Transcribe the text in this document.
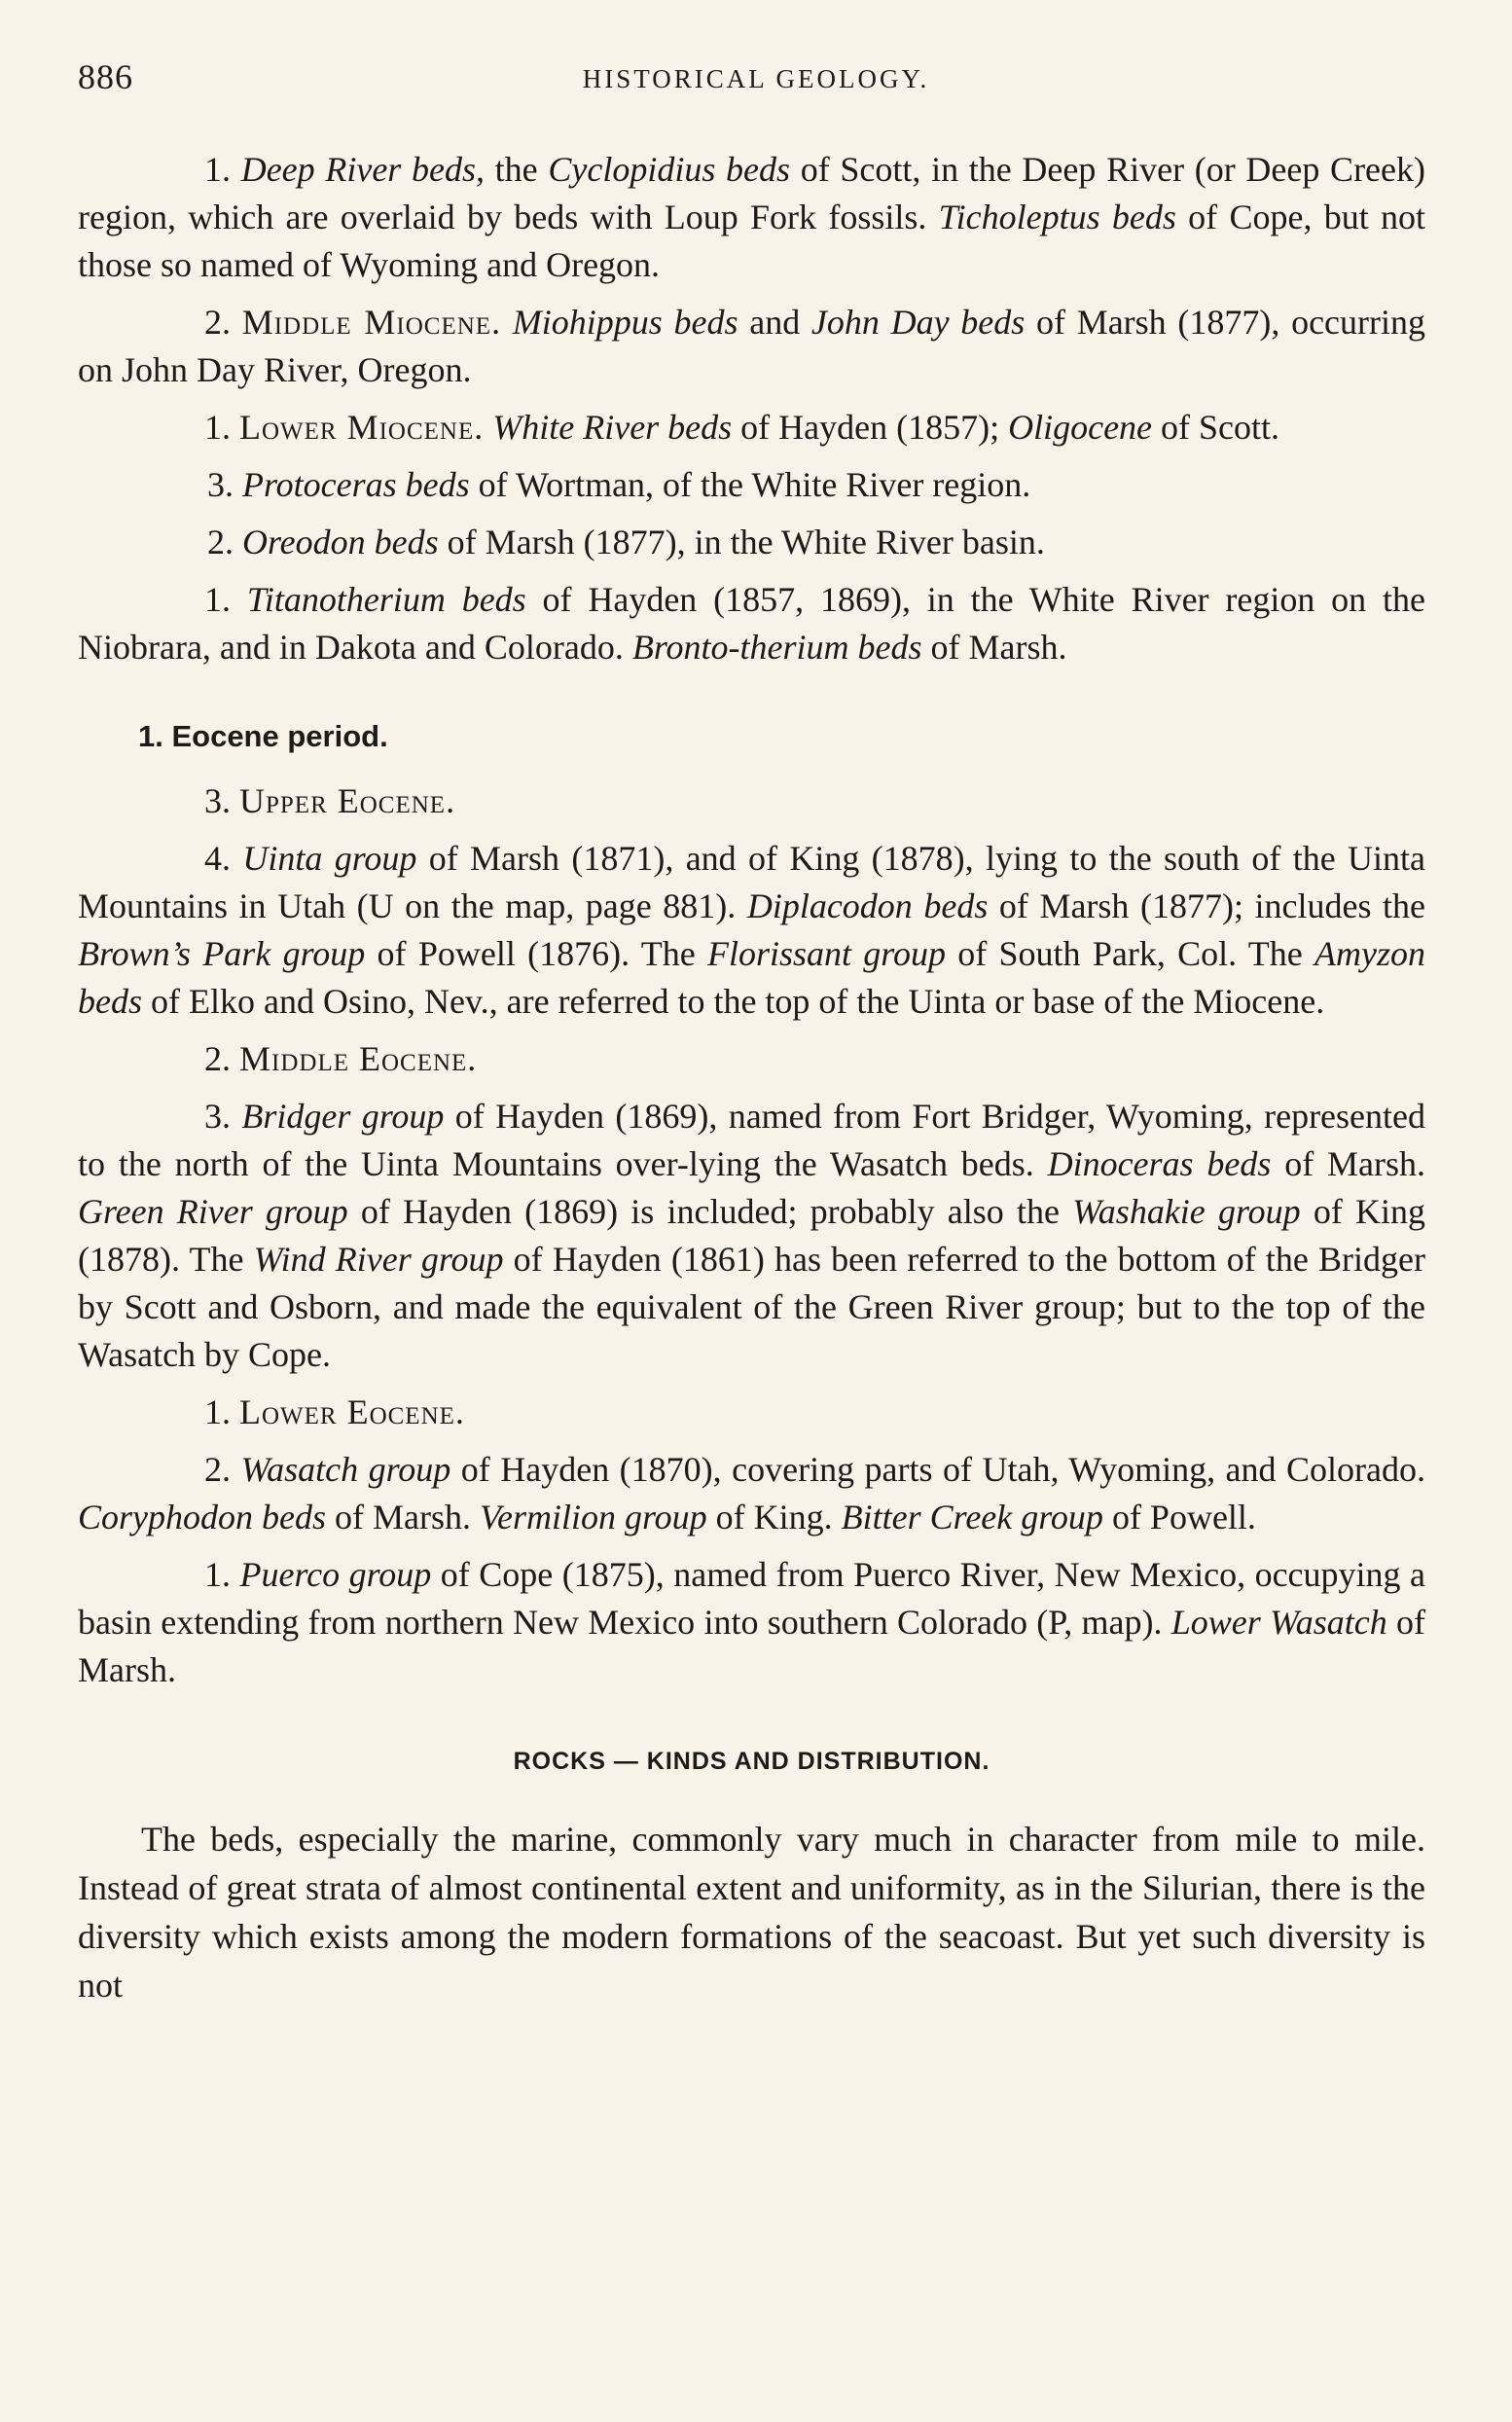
886	HISTORICAL GEOLOGY.

1. Deep River beds, the Cyclopidius beds of Scott, in the Deep River (or Deep Creek) region, which are overlaid by beds with Loup Fork fossils. Ticholeptus beds of Cope, but not those so named of Wyoming and Oregon.

2. Middle Miocene. Miohippus beds and John Day beds of Marsh (1877), occurring on John Day River, Oregon.

1. Lower Miocene. White River beds of Hayden (1857); Oligocene of Scott.

3. Protoceras beds of Wortman, of the White River region.

2. Oreodon beds of Marsh (1877), in the White River basin.

1. Titanotherium beds of Hayden (1857, 1869), in the White River region on the Niobrara, and in Dakota and Colorado. Bronto-therium beds of Marsh.

1. Eocene period.

3. Upper Eocene.

4. Uinta group of Marsh (1871), and of King (1878), lying to the south of the Uinta Mountains in Utah (U on the map, page 881). Diplacodon beds of Marsh (1877); includes the Brown’s Park group of Powell (1876). The Florissant group of South Park, Col. The Amyzon beds of Elko and Osino, Nev., are referred to the top of the Uinta or base of the Miocene.

2. Middle Eocene.

3. Bridger group of Hayden (1869), named from Fort Bridger, Wyoming, represented to the north of the Uinta Mountains over-lying the Wasatch beds. Dinoceras beds of Marsh. Green River group of Hayden (1869) is included; probably also the Washakie group of King (1878). The Wind River group of Hayden (1861) has been referred to the bottom of the Bridger by Scott and Osborn, and made the equivalent of the Green River group; but to the top of the Wasatch by Cope.

1. Lower Eocene.

2. Wasatch group of Hayden (1870), covering parts of Utah, Wyoming, and Colorado. Coryphodon beds of Marsh. Vermilion group of King. Bitter Creek group of Powell.

1. Puerco group of Cope (1875), named from Puerco River, New Mexico, occupying a basin extending from northern New Mexico into southern Colorado (P, map). Lower Wasatch of Marsh.

ROCKS — KINDS AND DISTRIBUTION.

The beds, especially the marine, commonly vary much in character from mile to mile. Instead of great strata of almost continental extent and uniformity, as in the Silurian, there is the diversity which exists among the modern formations of the seacoast. But yet such diversity is not
